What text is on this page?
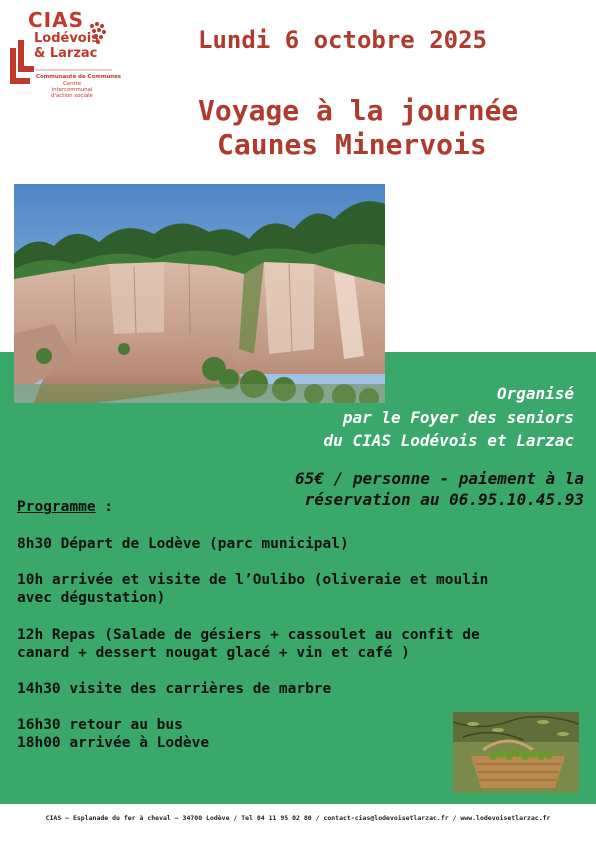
CIAS
Lodévois
& Larzac
Communauté de Communes
Centre intercommunal
d'action sociale
Lundi 6 octobre 2025
Voyage à la journée
Caunes Minervois
Organisé
par le Foyer des seniors
du CIAS Lodévois et Larzac
65€ / personne - paiement à la
réservation au 06.95.10.45.93
Programme :
8h30 Départ de Lodève (parc municipal)
10h arrivée et visite de l’Oulibo (oliveraie et moulin
avec dégustation)
12h Repas (Salade de gésiers + cassoulet au confit de
canard + dessert nougat glacé + vin et café )
14h30 visite des carrières de marbre
16h30 retour au bus
18h00 arrivée à Lodève
CIAS – Esplanade du fer à cheval – 34700 Lodève / Tel 04 11 95 02 80 / contact-cias@lodevoisetlarzac.fr / www.lodevoisetlarzac.fr
